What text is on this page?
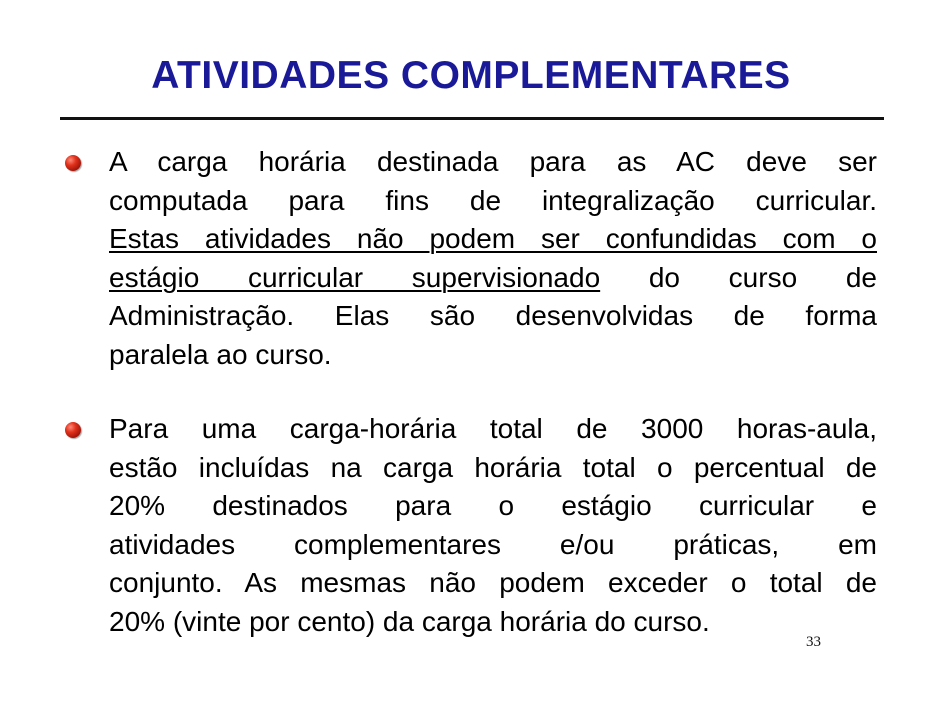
ATIVIDADES COMPLEMENTARES
A carga horária destinada para as AC deve ser
computada para fins de integralização curricular.
Estas atividades não podem ser confundidas com o
estágio curricular supervisionado do curso de
Administração. Elas são desenvolvidas de forma
paralela ao curso.
Para uma carga-horária total de 3000 horas-aula,
estão incluídas na carga horária total o percentual de
20% destinados para o estágio curricular e
atividades complementares e/ou práticas, em
conjunto. As mesmas não podem exceder o total de
20% (vinte por cento) da carga horária do curso.
33
